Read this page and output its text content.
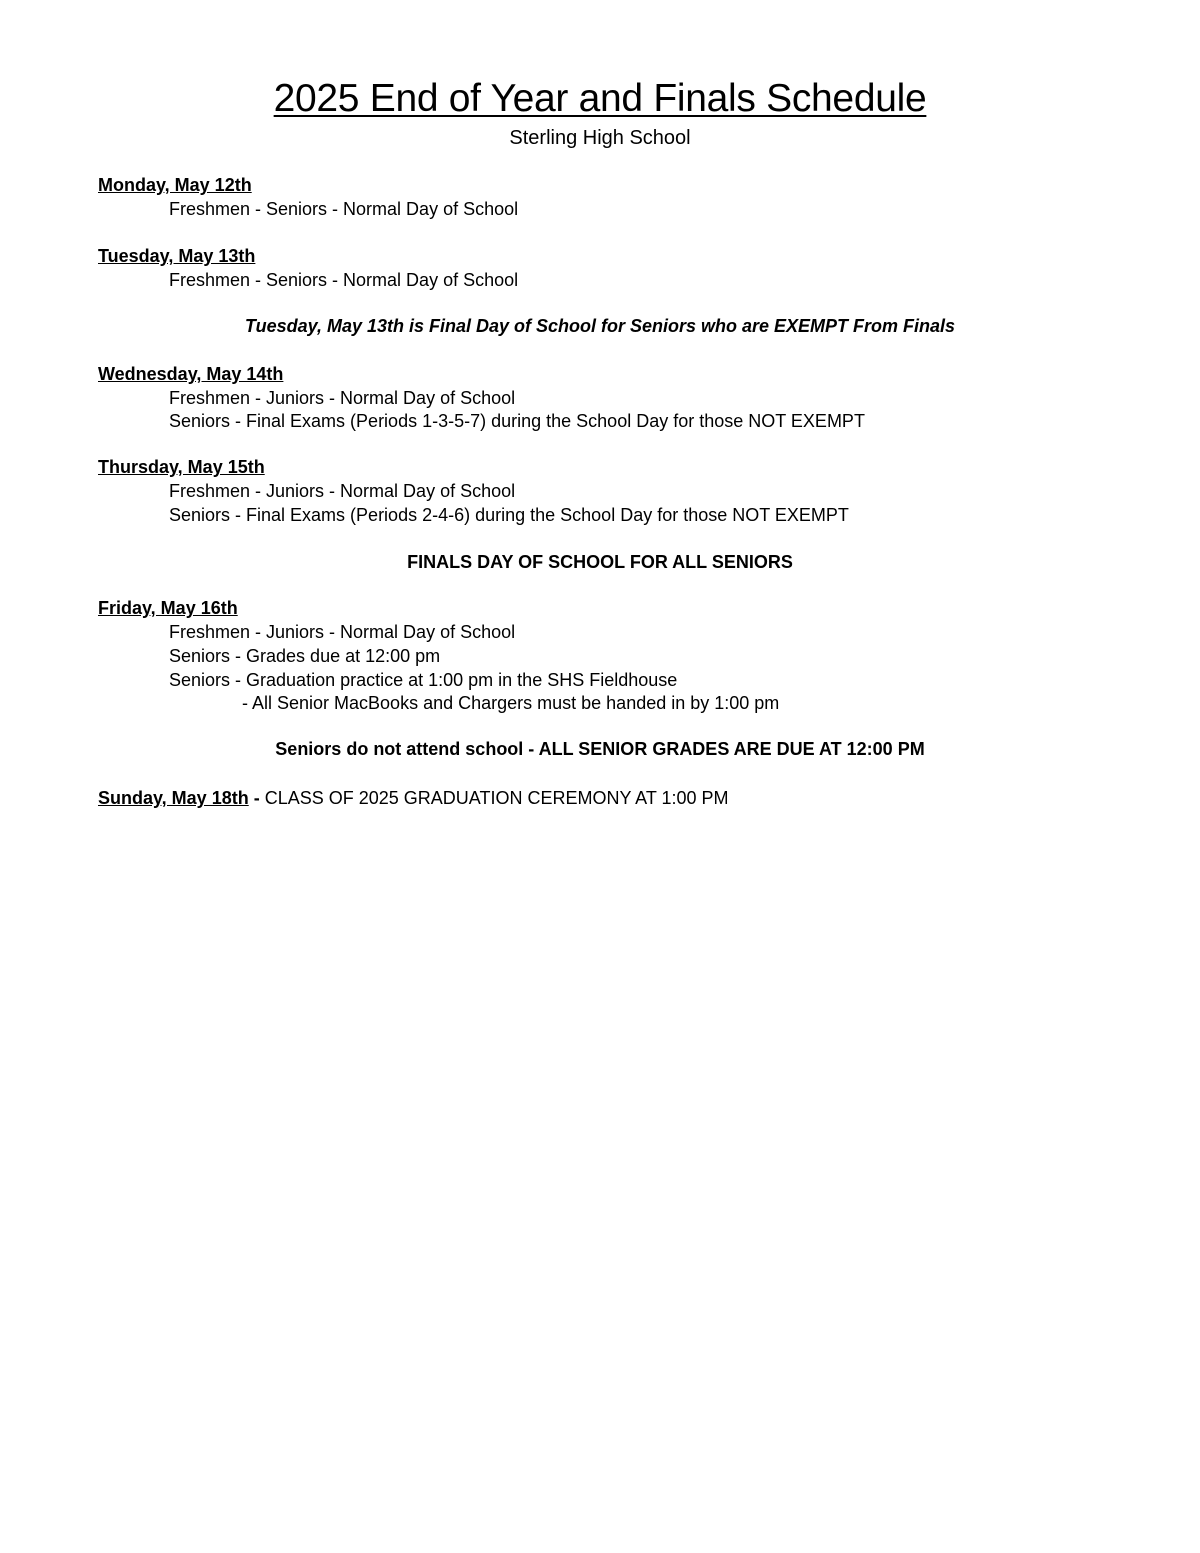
2025 End of Year and Finals Schedule
Sterling High School
Monday, May 12th
Freshmen - Seniors - Normal Day of School
Tuesday, May 13th
Freshmen - Seniors - Normal Day of School
Tuesday, May 13th is Final Day of School for Seniors who are EXEMPT From Finals
Wednesday, May 14th
Freshmen - Juniors - Normal Day of School
Seniors - Final Exams (Periods 1-3-5-7) during the School Day for those NOT EXEMPT
Thursday, May 15th
Freshmen - Juniors - Normal Day of School
Seniors - Final Exams (Periods 2-4-6) during the School Day for those NOT EXEMPT
FINALS DAY OF SCHOOL FOR ALL SENIORS
Friday, May 16th
Freshmen - Juniors - Normal Day of School
Seniors - Grades due at 12:00 pm
Seniors - Graduation practice at 1:00 pm in the SHS Fieldhouse
- All Senior MacBooks and Chargers must be handed in by 1:00 pm
Seniors do not attend school - ALL SENIOR GRADES ARE DUE AT 12:00 PM
Sunday, May 18th - CLASS OF 2025 GRADUATION CEREMONY AT 1:00 PM
